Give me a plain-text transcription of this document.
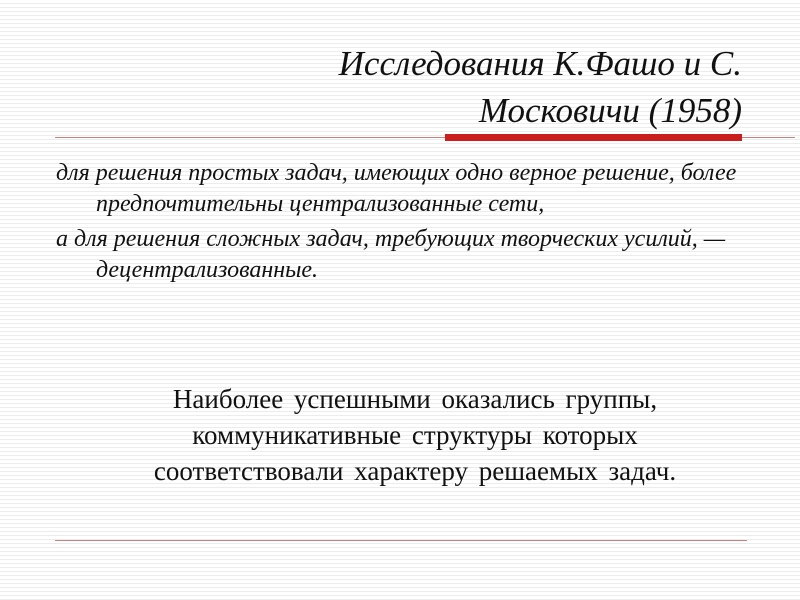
Исследования К.Фашо и С.
Московичи (1958)
для решения простых задач, имеющих одно верное решение, более предпочтительны централизованные сети,
а для решения сложных задач, требующих творческих усилий, — децентрализованные.

Наиболее успешными оказались группы, коммуникативные структуры которых соответствовали характеру решаемых задач.
